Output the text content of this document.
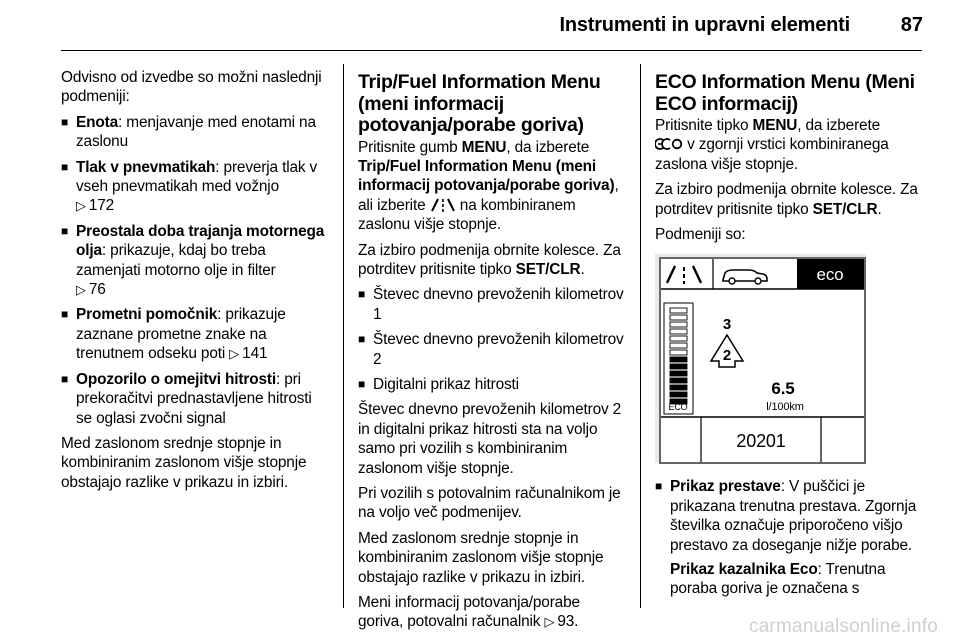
Instrumenti in upravni elementi	87

Odvisno od izvedbe so možni naslednji podmeniji:

■ Enota: menjavanje med enotami na zaslonu
■ Tlak v pnevmatikah: preverja tlak v vseh pnevmatikah med vožnjo
▷ 172
■ Preostala doba trajanja motornega olja: prikazuje, kdaj bo treba zamenjati motorno olje in filter
▷ 76
■ Prometni pomočnik: prikazuje zaznane prometne znake na trenutnem odseku poti ▷ 141
■ Opozorilo o omejitvi hitrosti: pri prekoračitvi prednastavljene hitrosti se oglasi zvočni signal

Med zaslonom srednje stopnje in kombiniranim zaslonom višje stopnje obstajajo razlike v prikazu in izbiri.

Trip/Fuel Information Menu (meni informacij potovanja/porabe goriva)

Pritisnite gumb MENU, da izberete Trip/Fuel Information Menu (meni informacij potovanja/porabe goriva), ali izberite na kombiniranem zaslonu višje stopnje.

Za izbiro podmenija obrnite kolesce. Za potrditev pritisnite tipko SET/CLR.

■ Števec dnevno prevoženih kilometrov 1
■ Števec dnevno prevoženih kilometrov 2
■ Digitalni prikaz hitrosti

Števec dnevno prevoženih kilometrov 2 in digitalni prikaz hitrosti sta na voljo samo pri vozilih s kombiniranim zaslonom višje stopnje.

Pri vozilih s potovalnim računalnikom je na voljo več podmenijev.

Med zaslonom srednje stopnje in kombiniranim zaslonom višje stopnje obstajajo razlike v prikazu in izbiri.

Meni informacij potovanja/porabe goriva, potovalni računalnik ▷ 93.

ECO Information Menu (Meni ECO informacij)

Pritisnite tipko MENU, da izberete
v zgornji vrstici kombiniranega zaslona višje stopnje.

Za izbiro podmenija obrnite kolesce. Za potrditev pritisnite tipko SET/CLR.

Podmeniji so:

eco
ECO
3
2
6.5
l/100km
20201
■ Prikaz prestave: V puščici je prikazana trenutna prestava. Zgornja številka označuje priporočeno višjo prestavo za doseganje nižje porabe.

Prikaz kazalnika Eco: Trenutna poraba goriva je označena s

carmanualsonline.info
